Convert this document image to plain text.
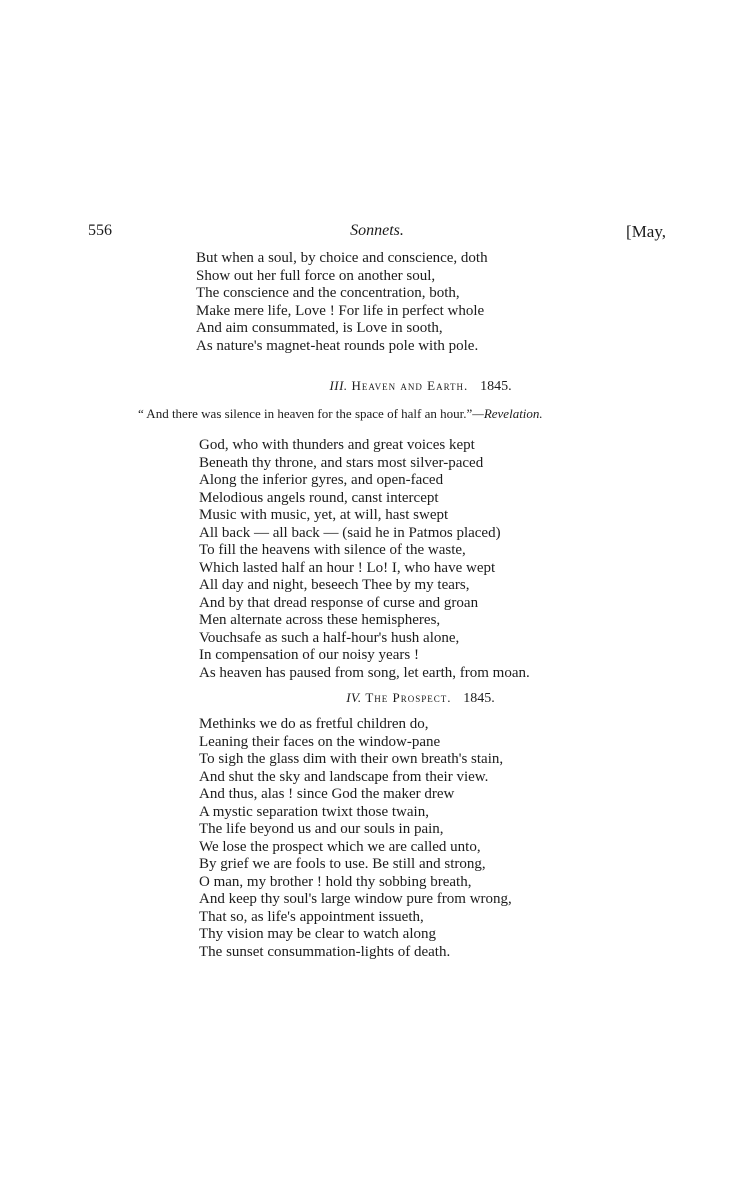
556	Sonnets.	[May,
But when a soul, by choice and conscience, doth
Show out her full force on another soul,
The conscience and the concentration, both,
Make mere life, Love ! For life in perfect whole
And aim consummated, is Love in sooth,
As nature's magnet-heat rounds pole with pole.
III. Heaven and Earth. 1845.
“ And there was silence in heaven for the space of half an hour.”—Revelation.
God, who with thunders and great voices kept
Beneath thy throne, and stars most silver-paced
Along the inferior gyres, and open-faced
Melodious angels round, canst intercept
Music with music, yet, at will, hast swept
All back — all back — (said he in Patmos placed)
To fill the heavens with silence of the waste,
Which lasted half an hour ! Lo! I, who have wept
All day and night, beseech Thee by my tears,
And by that dread response of curse and groan
Men alternate across these hemispheres,
Vouchsafe as such a half-hour's hush alone,
In compensation of our noisy years !
As heaven has paused from song, let earth, from moan.
IV. The Prospect. 1845.
Methinks we do as fretful children do,
Leaning their faces on the window-pane
To sigh the glass dim with their own breath's stain,
And shut the sky and landscape from their view.
And thus, alas ! since God the maker drew
A mystic separation twixt those twain,
The life beyond us and our souls in pain,
We lose the prospect which we are called unto,
By grief we are fools to use. Be still and strong,
O man, my brother ! hold thy sobbing breath,
And keep thy soul's large window pure from wrong,
That so, as life's appointment issueth,
Thy vision may be clear to watch along
The sunset consummation-lights of death.
